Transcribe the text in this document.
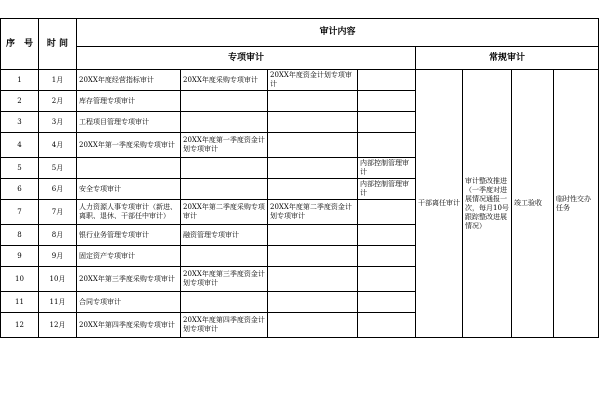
序　号	时 间	审计内容							
		专项审计				常规审计			
1	1月	20XX年度经营指标审计	20XX年度采购专项审计	20XX年度资金计划专项审计		干部离任审计	审计整改推进（一季度对进展情况通报一次，每月10号跟踪整改进展情况）	竣工验收	临时性交办任务
2	2月	库存管理专项审计							
3	3月	工程项目管理专项审计							
4	4月	20XX年第一季度采购专项审计	20XX年度第一季度资金计划专项审计						
5	5月				内部控制管理审计				
6	6月	安全专项审计			内部控制管理审计				
7	7月	人力资源人事专项审计（新进、离职、退休、干部任中审计）	20XX年第二季度采购专项审计	20XX年度第二季度资金计划专项审计					
8	8月	银行业务管理专项审计	融资管理专项审计						
9	9月	固定资产专项审计							
10	10月	20XX年第三季度采购专项审计	20XX年度第三季度资金计划专项审计						
11	11月	合同专项审计							
12	12月	20XX年第四季度采购专项审计	20XX年度第四季度资金计划专项审计						
